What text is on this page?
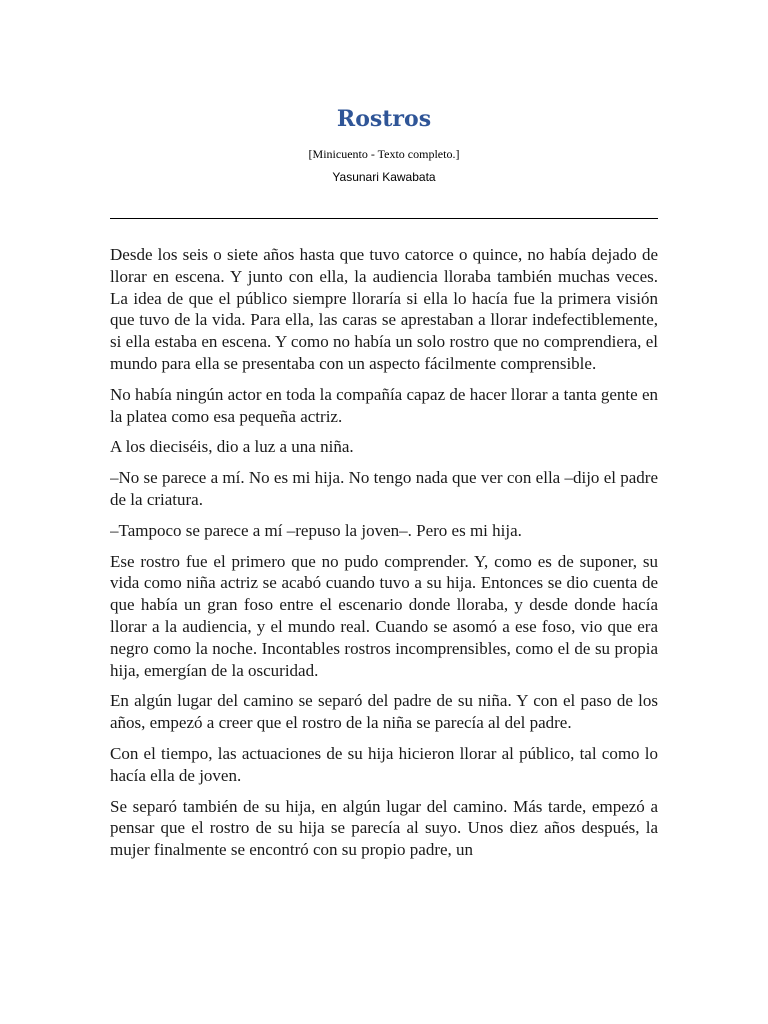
Rostros
[Minicuento - Texto completo.]
Yasunari Kawabata

Desde los seis o siete años hasta que tuvo catorce o quince, no había dejado de llorar en escena. Y junto con ella, la audiencia lloraba también muchas veces. La idea de que el público siempre lloraría si ella lo hacía fue la primera visión que tuvo de la vida. Para ella, las caras se aprestaban a llorar indefectiblemente, si ella estaba en escena. Y como no había un solo rostro que no comprendiera, el mundo para ella se presentaba con un aspecto fácilmente comprensible.

No había ningún actor en toda la compañía capaz de hacer llorar a tanta gente en la platea como esa pequeña actriz.

A los dieciséis, dio a luz a una niña.

–No se parece a mí. No es mi hija. No tengo nada que ver con ella –dijo el padre de la criatura.

–Tampoco se parece a mí –repuso la joven–. Pero es mi hija.

Ese rostro fue el primero que no pudo comprender. Y, como es de suponer, su vida como niña actriz se acabó cuando tuvo a su hija. Entonces se dio cuenta de que había un gran foso entre el escenario donde lloraba, y desde donde hacía llorar a la audiencia, y el mundo real. Cuando se asomó a ese foso, vio que era negro como la noche. Incontables rostros incomprensibles, como el de su propia hija, emergían de la oscuridad.

En algún lugar del camino se separó del padre de su niña. Y con el paso de los años, empezó a creer que el rostro de la niña se parecía al del padre.

Con el tiempo, las actuaciones de su hija hicieron llorar al público, tal como lo hacía ella de joven.

Se separó también de su hija, en algún lugar del camino. Más tarde, empezó a pensar que el rostro de su hija se parecía al suyo. Unos diez años después, la mujer finalmente se encontró con su propio padre, un
